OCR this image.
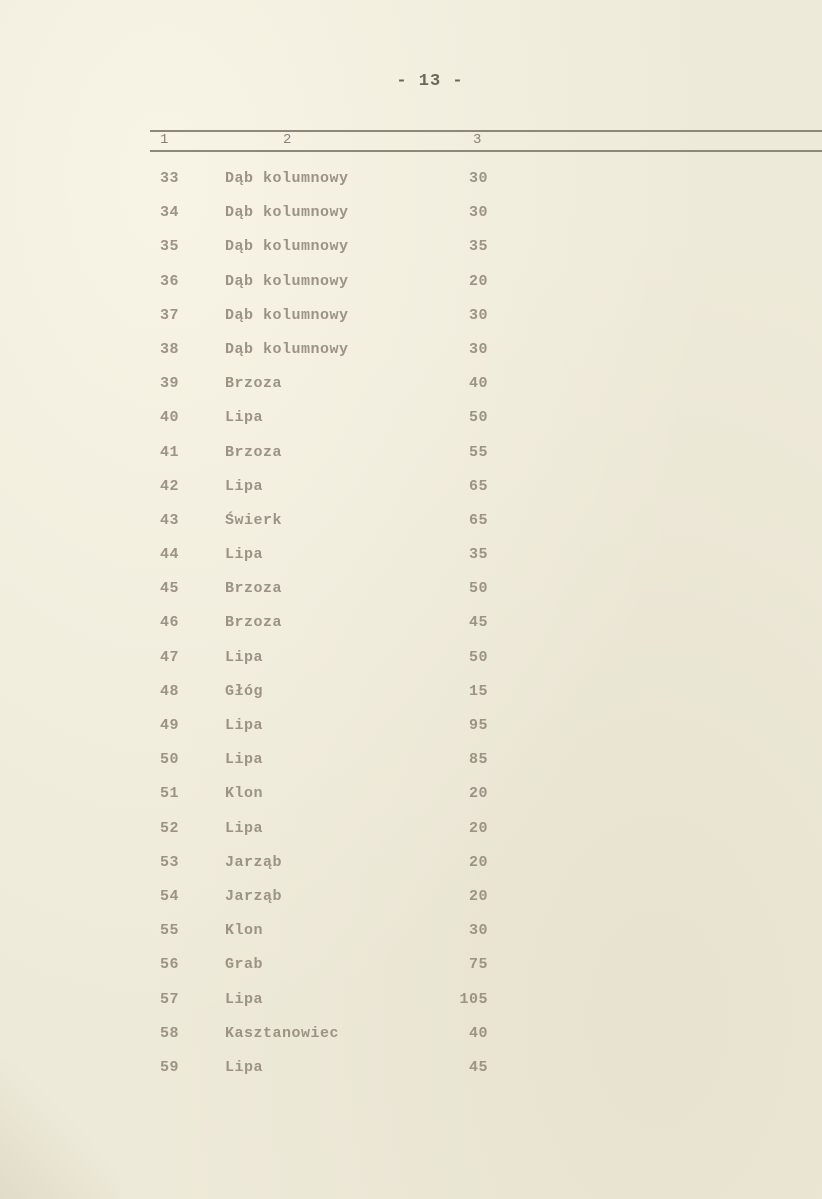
- 13 -
1	2	3
33	Dąb kolumnowy	30
34	Dąb kolumnowy	30
35	Dąb kolumnowy	35
36	Dąb kolumnowy	20
37	Dąb kolumnowy	30
38	Dąb kolumnowy	30
39	Brzoza	40
40	Lipa	50
41	Brzoza	55
42	Lipa	65
43	Świerk	65
44	Lipa	35
45	Brzoza	50
46	Brzoza	45
47	Lipa	50
48	Głóg	15
49	Lipa	95
50	Lipa	85
51	Klon	20
52	Lipa	20
53	Jarząb	20
54	Jarząb	20
55	Klon	30
56	Grab	75
57	Lipa	105
58	Kasztanowiec	40
59	Lipa	45
